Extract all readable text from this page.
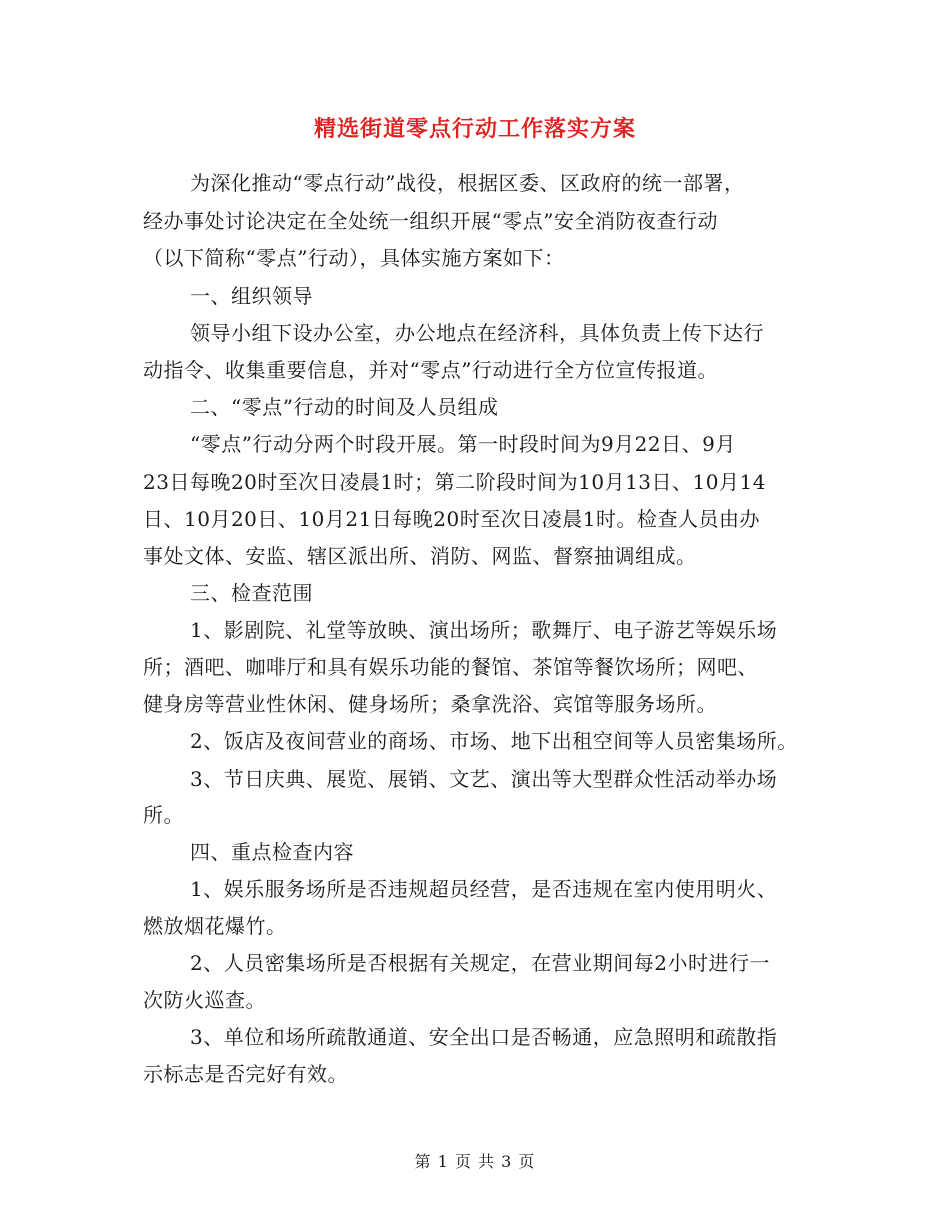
精选街道零点行动工作落实方案
为深化推动“零点行动”战役，根据区委、区政府的统一部署，
经办事处讨论决定在全处统一组织开展“零点”安全消防夜查行动
（以下简称“零点”行动），具体实施方案如下：
一、组织领导
领导小组下设办公室，办公地点在经济科，具体负责上传下达行
动指令、收集重要信息，并对“零点”行动进行全方位宣传报道。
二、“零点”行动的时间及人员组成
“零点”行动分两个时段开展。第一时段时间为9月22日、9月
23日每晚20时至次日凌晨1时；第二阶段时间为10月13日、10月14
日、10月20日、10月21日每晚20时至次日凌晨1时。检查人员由办
事处文体、安监、辖区派出所、消防、网监、督察抽调组成。
三、检查范围
1、影剧院、礼堂等放映、演出场所；歌舞厅、电子游艺等娱乐场
所；酒吧、咖啡厅和具有娱乐功能的餐馆、茶馆等餐饮场所；网吧、
健身房等营业性休闲、健身场所；桑拿洗浴、宾馆等服务场所。
2、饭店及夜间营业的商场、市场、地下出租空间等人员密集场所。
3、节日庆典、展览、展销、文艺、演出等大型群众性活动举办场
所。
四、重点检查内容
1、娱乐服务场所是否违规超员经营，是否违规在室内使用明火、
燃放烟花爆竹。
2、人员密集场所是否根据有关规定，在营业期间每2小时进行一
次防火巡查。
3、单位和场所疏散通道、安全出口是否畅通，应急照明和疏散指
示标志是否完好有效。
第 1 页 共 3 页
